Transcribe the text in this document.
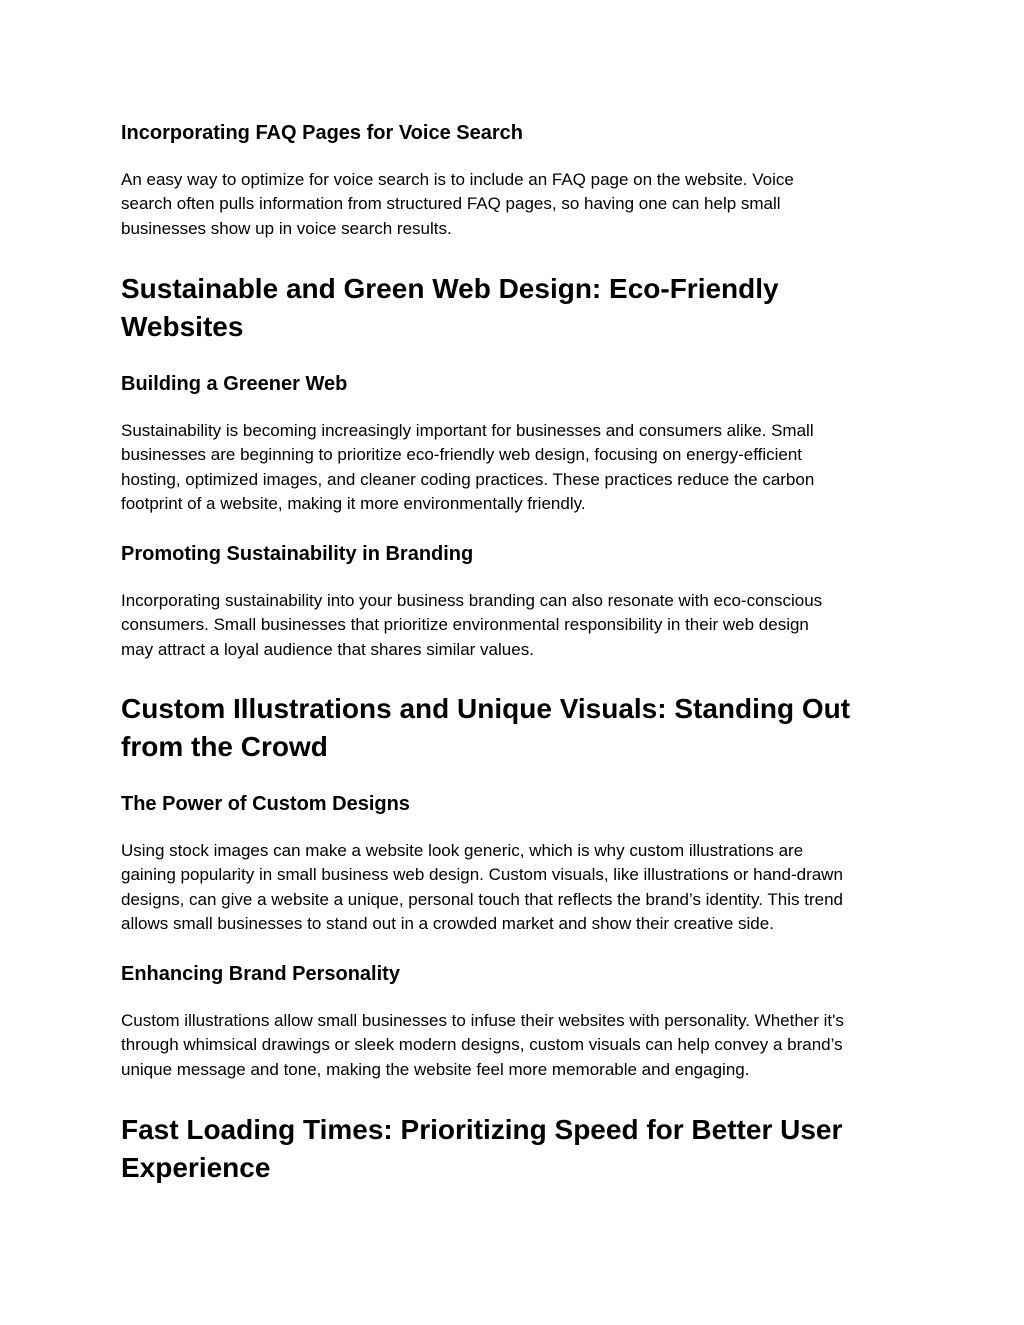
Incorporating FAQ Pages for Voice Search

An easy way to optimize for voice search is to include an FAQ page on the website. Voice
search often pulls information from structured FAQ pages, so having one can help small
businesses show up in voice search results.

Sustainable and Green Web Design: Eco-Friendly
Websites
Building a Greener Web

Sustainability is becoming increasingly important for businesses and consumers alike. Small
businesses are beginning to prioritize eco-friendly web design, focusing on energy-efficient
hosting, optimized images, and cleaner coding practices. These practices reduce the carbon
footprint of a website, making it more environmentally friendly.

Promoting Sustainability in Branding

Incorporating sustainability into your business branding can also resonate with eco-conscious
consumers. Small businesses that prioritize environmental responsibility in their web design
may attract a loyal audience that shares similar values.

Custom Illustrations and Unique Visuals: Standing Out
from the Crowd
The Power of Custom Designs

Using stock images can make a website look generic, which is why custom illustrations are
gaining popularity in small business web design. Custom visuals, like illustrations or hand-drawn
designs, can give a website a unique, personal touch that reflects the brand’s identity. This trend
allows small businesses to stand out in a crowded market and show their creative side.

Enhancing Brand Personality

Custom illustrations allow small businesses to infuse their websites with personality. Whether it's
through whimsical drawings or sleek modern designs, custom visuals can help convey a brand’s
unique message and tone, making the website feel more memorable and engaging.

Fast Loading Times: Prioritizing Speed for Better User
Experience
